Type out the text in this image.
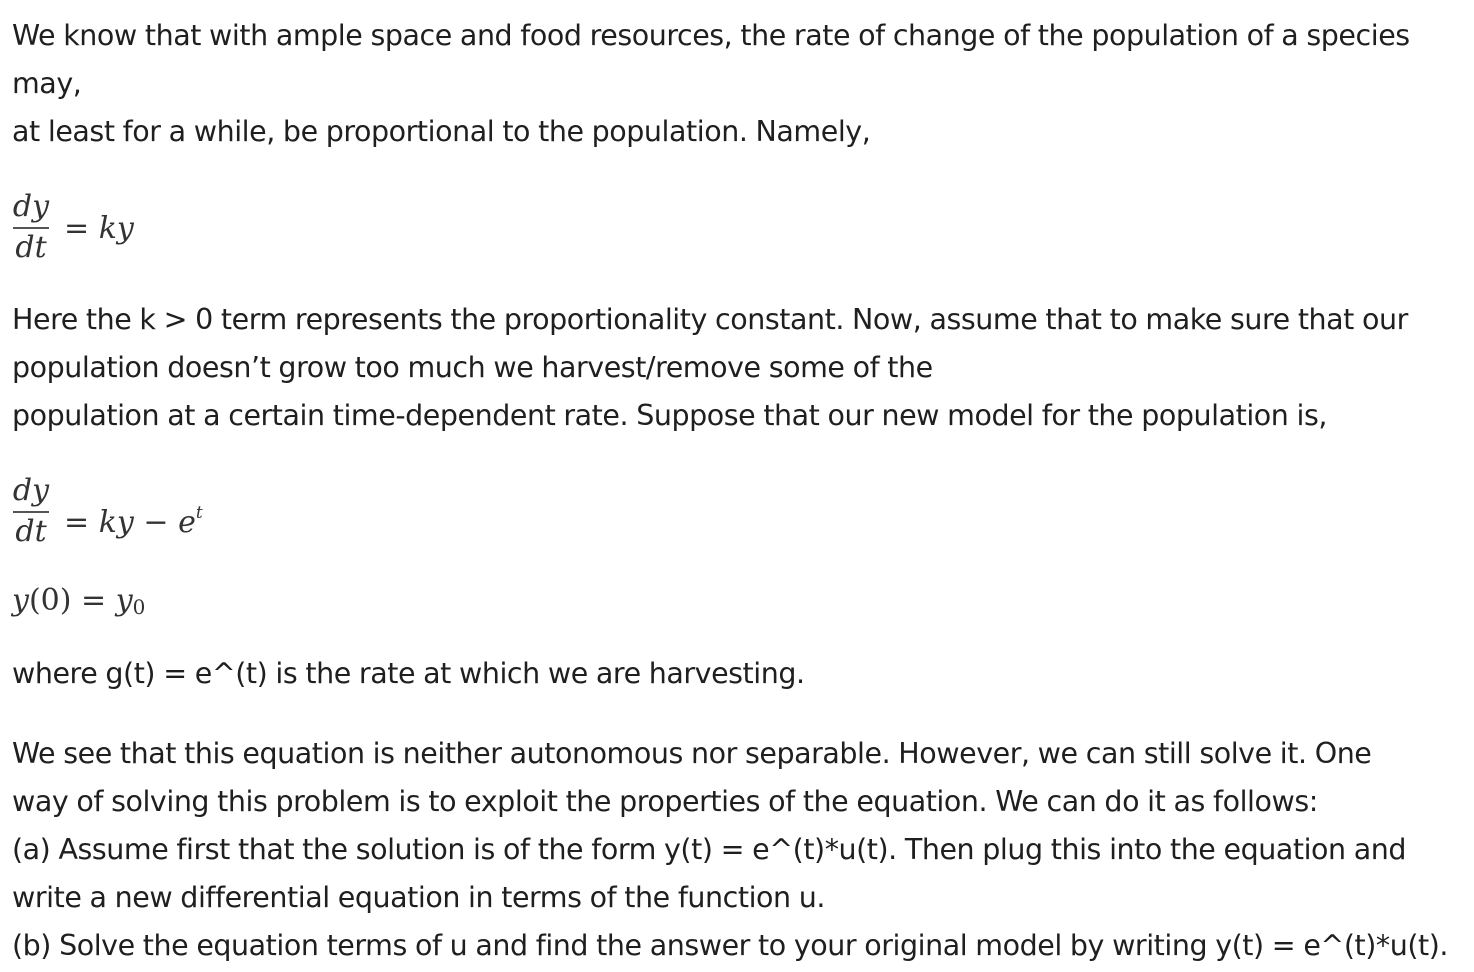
We know that with ample space and food resources, the rate of change of the population of a species
may,
at least for a while, be proportional to the population. Namely,
dy
dt
= ky
Here the k > 0 term represents the proportionality constant. Now, assume that to make sure that our
population doesn’t grow too much we harvest/remove some of the
population at a certain time-dependent rate. Suppose that our new model for the population is,
dy
dt = ky − $e^t$
$y(0) = y_0$
where g(t) = e^(t) is the rate at which we are harvesting.
We see that this equation is neither autonomous nor separable. However, we can still solve it. One
way of solving this problem is to exploit the properties of the equation. We can do it as follows:
(a) Assume first that the solution is of the form y(t) = e^(t)*u(t). Then plug this into the equation and
write a new differential equation in terms of the function u.
(b) Solve the equation terms of u and find the answer to your original model by writing y(t) = e^(t)*u(t).
